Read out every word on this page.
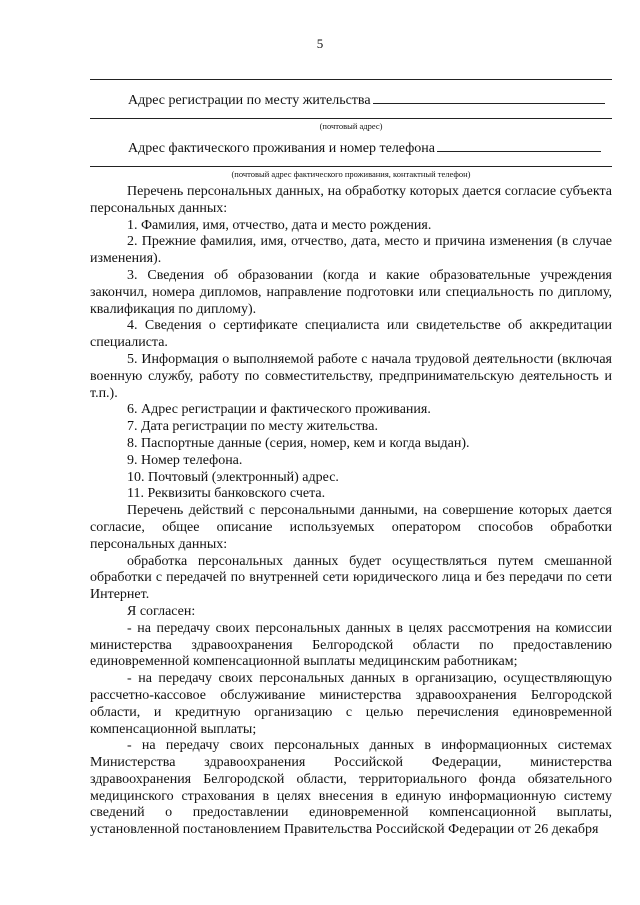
5
Адрес регистрации по месту жительства
(почтовый адрес)
Адрес фактического проживания и номер телефона
(почтовый адрес фактического проживания, контактный телефон)

Перечень персональных данных, на обработку которых дается согласие субъекта персональных данных:

1. Фамилия, имя, отчество, дата и место рождения.

2. Прежние фамилия, имя, отчество, дата, место и причина изменения (в случае изменения).

3. Сведения об образовании (когда и какие образовательные учреждения закончил, номера дипломов, направление подготовки или специальность по диплому, квалификация по диплому).

4. Сведения о сертификате специалиста или свидетельстве об аккредитации специалиста.

5. Информация о выполняемой работе с начала трудовой деятельности (включая военную службу, работу по совместительству, предпринимательскую деятельность и т.п.).

6. Адрес регистрации и фактического проживания.

7. Дата регистрации по месту жительства.

8. Паспортные данные (серия, номер, кем и когда выдан).

9. Номер телефона.

10. Почтовый (электронный) адрес.

11. Реквизиты банковского счета.

Перечень действий с персональными данными, на совершение которых дается согласие, общее описание используемых оператором способов обработки персональных данных:

обработка персональных данных будет осуществляться путем смешанной обработки с передачей по внутренней сети юридического лица и без передачи по сети Интернет.

Я согласен:

- на передачу своих персональных данных в целях рассмотрения на комиссии министерства здравоохранения Белгородской области по предоставлению единовременной компенсационной выплаты медицинским работникам;

- на передачу своих персональных данных в организацию, осуществляющую рассчетно-кассовое обслуживание министерства здравоохранения Белгородской области, и кредитную организацию с целью перечисления единовременной компенсационной выплаты;

- на передачу своих персональных данных в информационных системах Министерства здравоохранения Российской Федерации, министерства здравоохранения Белгородской области, территориального фонда обязательного медицинского страхования в целях внесения в единую информационную систему сведений о предоставлении единовременной компенсационной выплаты, установленной постановлением Правительства Российской Федерации от 26 декабря
